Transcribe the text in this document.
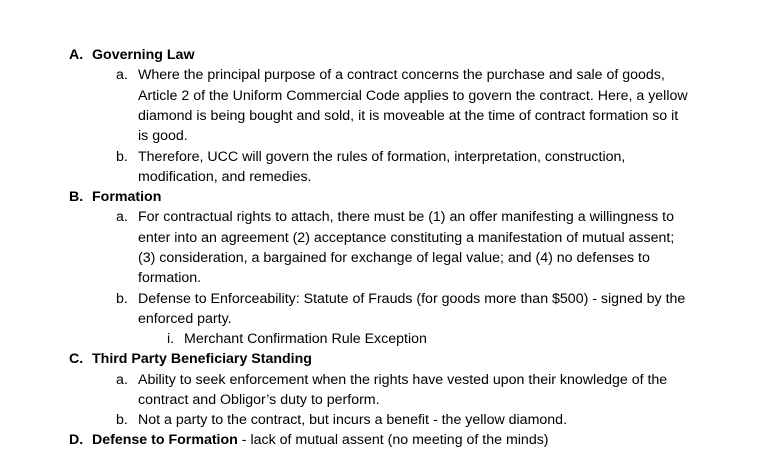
A. Governing Law
a. Where the principal purpose of a contract concerns the purchase and sale of goods,
Article 2 of the Uniform Commercial Code applies to govern the contract. Here, a yellow
diamond is being bought and sold, it is moveable at the time of contract formation so it
is good.
b. Therefore, UCC will govern the rules of formation, interpretation, construction,
modification, and remedies.
B. Formation
a. For contractual rights to attach, there must be (1) an offer manifesting a willingness to
enter into an agreement (2) acceptance constituting a manifestation of mutual assent;
(3) consideration, a bargained for exchange of legal value; and (4) no defenses to
formation.
b. Defense to Enforceability: Statute of Frauds (for goods more than $500) - signed by the
enforced party.
i. Merchant Confirmation Rule Exception
C. Third Party Beneficiary Standing
a. Ability to seek enforcement when the rights have vested upon their knowledge of the
contract and Obligor’s duty to perform.
b. Not a party to the contract, but incurs a benefit - the yellow diamond.
D. Defense to Formation - lack of mutual assent (no meeting of the minds)
